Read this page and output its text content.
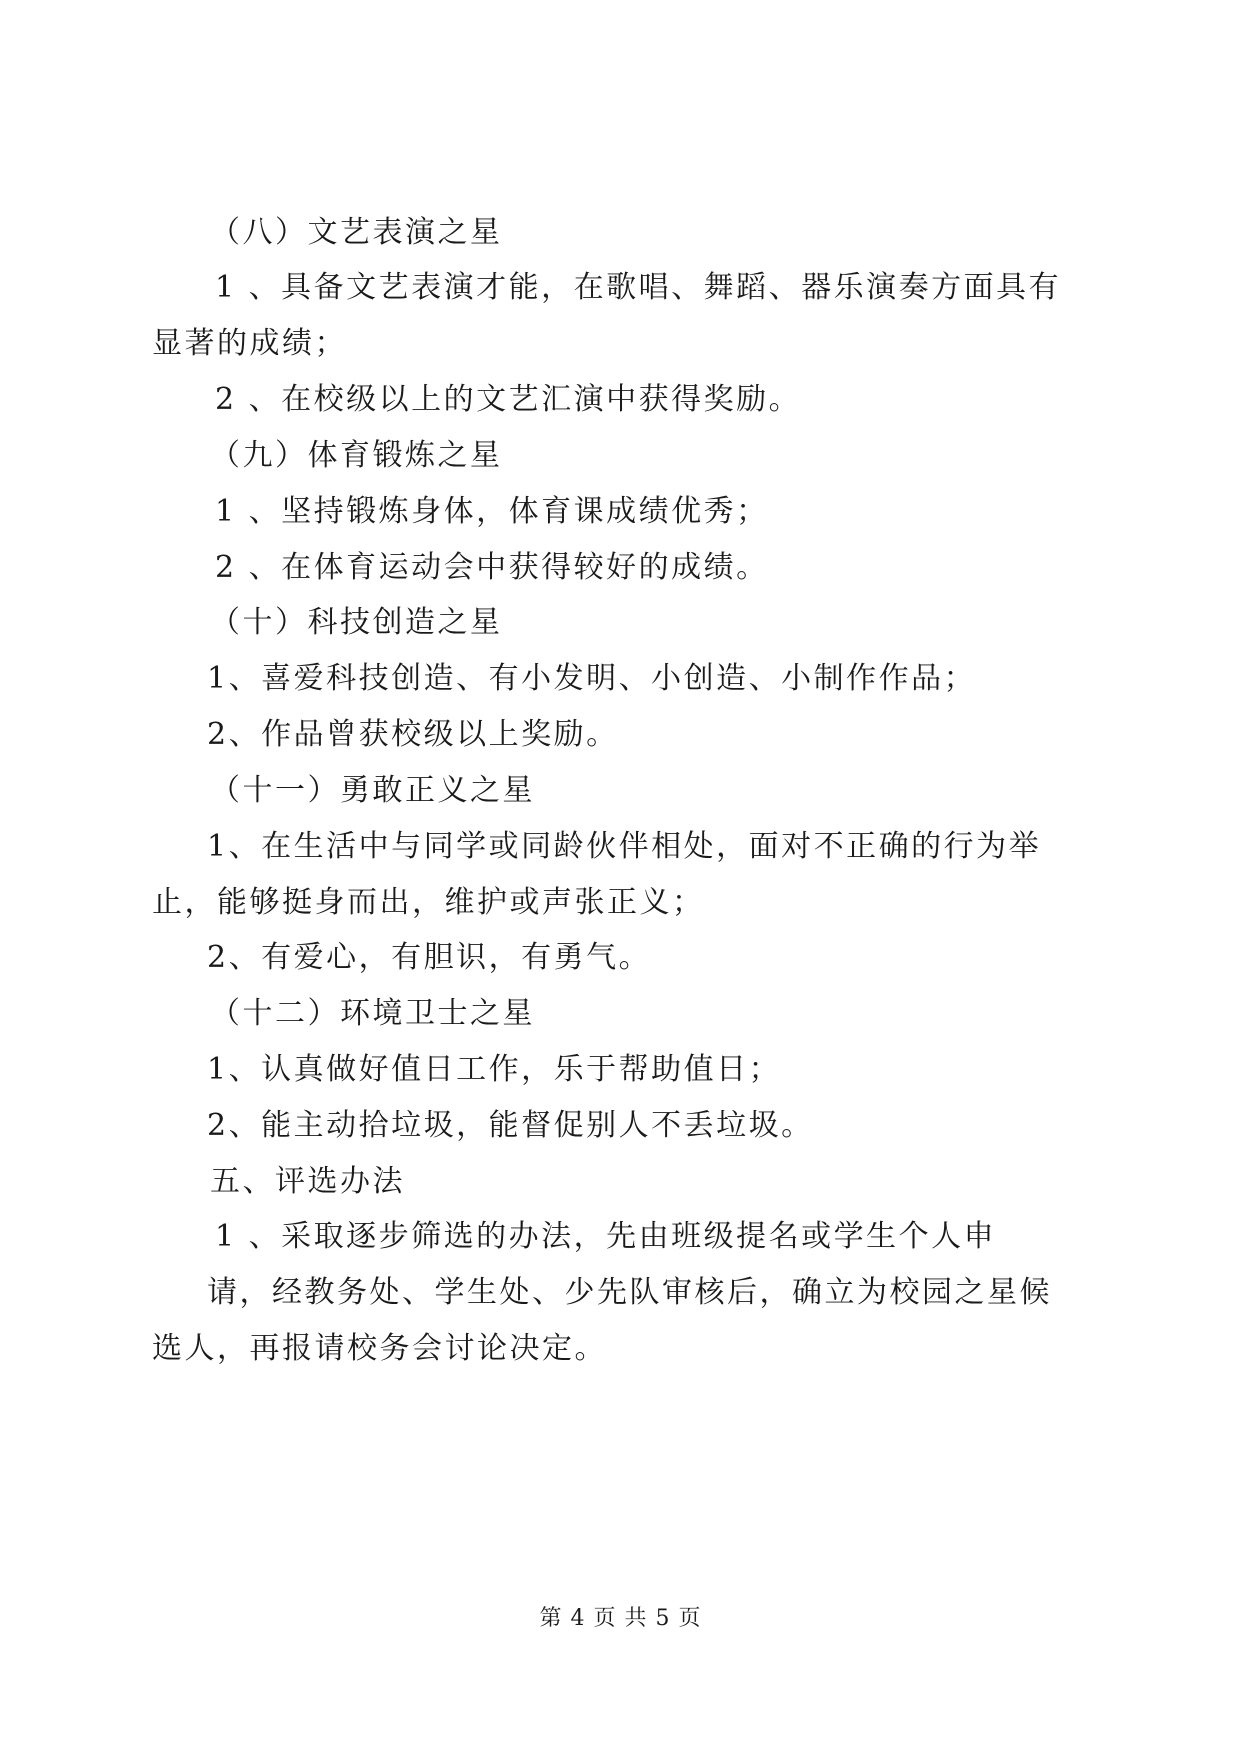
（八）文艺表演之星
1 、具备文艺表演才能，在歌唱、舞蹈、器乐演奏方面具有
显著的成绩；
2 、在校级以上的文艺汇演中获得奖励。
（九）体育锻炼之星
1 、坚持锻炼身体，体育课成绩优秀；
2 、在体育运动会中获得较好的成绩。
（十）科技创造之星
1、喜爱科技创造、有小发明、小创造、小制作作品；
2、作品曾获校级以上奖励。
（十一）勇敢正义之星
1、在生活中与同学或同龄伙伴相处，面对不正确的行为举
止，能够挺身而出，维护或声张正义；
2、有爱心，有胆识，有勇气。
（十二）环境卫士之星
1、认真做好值日工作，乐于帮助值日；
2、能主动拾垃圾，能督促别人不丢垃圾。
五、评选办法
1 、采取逐步筛选的办法，先由班级提名或学生个人申
请，经教务处、学生处、少先队审核后，确立为校园之星候
选人，再报请校务会讨论决定。
第 4 页 共 5 页
